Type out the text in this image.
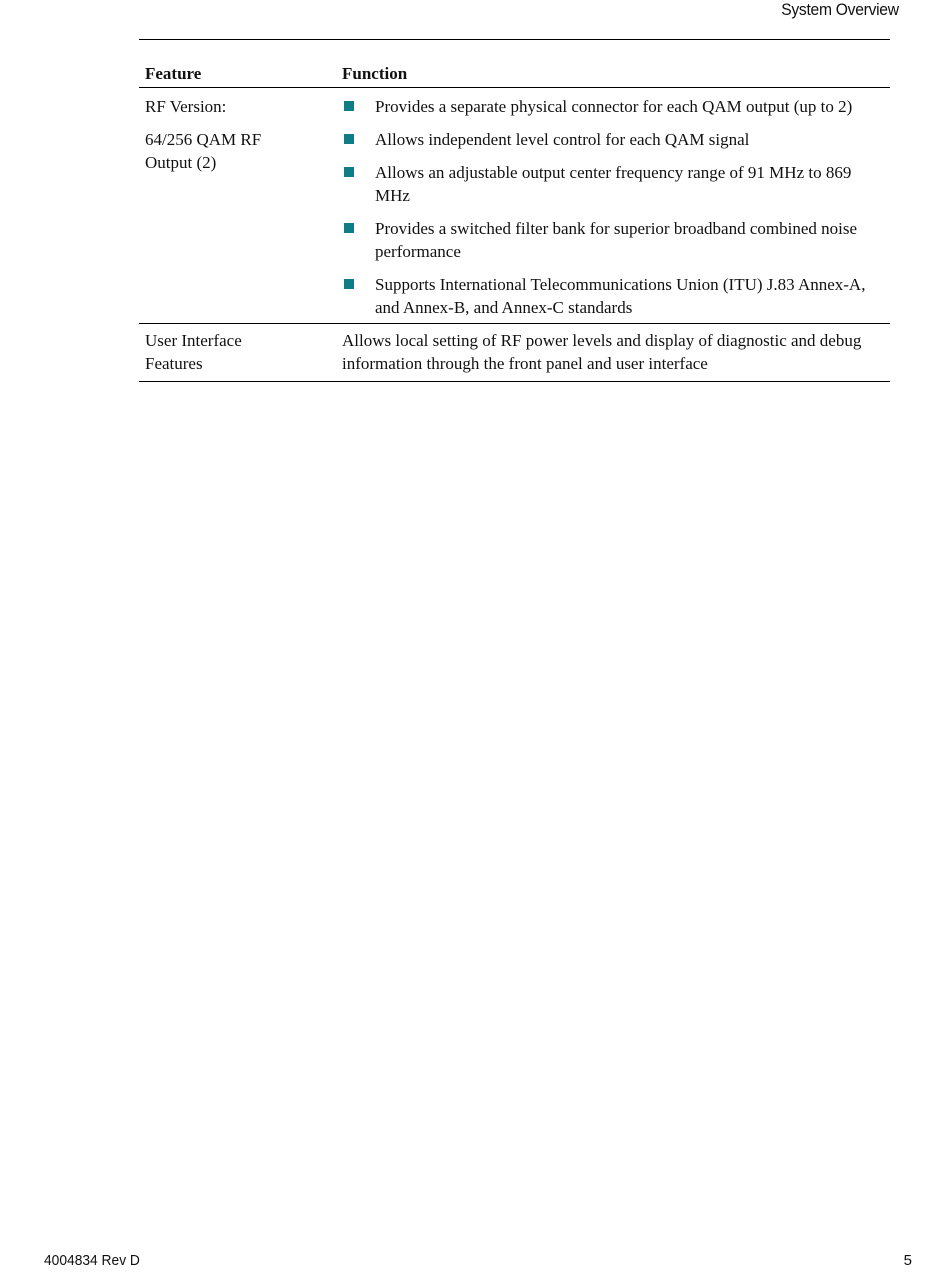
System Overview
Feature	Function
RF Version:
64/256 QAM RF Output (2)
Provides a separate physical connector for each QAM output (up to 2)
Allows independent level control for each QAM signal
Allows an adjustable output center frequency range of 91 MHz to 869 MHz
Provides a switched filter bank for superior broadband combined noise performance
Supports International Telecommunications Union (ITU) J.83 Annex-A, and Annex-B, and Annex-C standards
User Interface Features
Allows local setting of RF power levels and display of diagnostic and debug information through the front panel and user interface
4004834 Rev D	5
